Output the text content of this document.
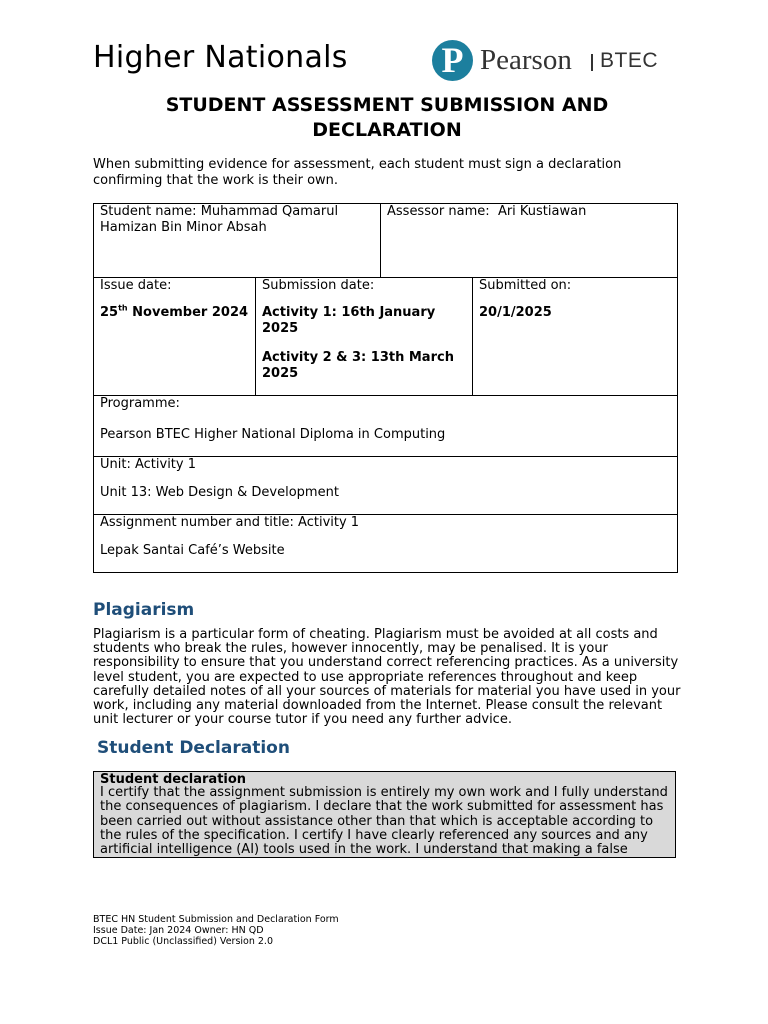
Higher Nationals	P Pearson BTEC
STUDENT ASSESSMENT SUBMISSION AND DECLARATION
When submitting evidence for assessment, each student must sign a declaration confirming that the work is their own.
Student name: Muhammad Qamarul Hamizan Bin Minor Absah
Assessor name: Ari Kustiawan
Issue date:
25th November 2024
Submission date:
Activity 1: 16th January 2025
Activity 2 & 3: 13th March 2025
Submitted on:
20/1/2025
Programme:
Pearson BTEC Higher National Diploma in Computing
Unit: Activity 1
Unit 13: Web Design & Development
Assignment number and title: Activity 1
Lepak Santai Café’s Website
Plagiarism
Plagiarism is a particular form of cheating. Plagiarism must be avoided at all costs and students who break the rules, however innocently, may be penalised. It is your responsibility to ensure that you understand correct referencing practices. As a university level student, you are expected to use appropriate references throughout and keep carefully detailed notes of all your sources of materials for material you have used in your work, including any material downloaded from the Internet. Please consult the relevant unit lecturer or your course tutor if you need any further advice.
Student Declaration
Student declaration
I certify that the assignment submission is entirely my own work and I fully understand the consequences of plagiarism. I declare that the work submitted for assessment has been carried out without assistance other than that which is acceptable according to the rules of the specification. I certify I have clearly referenced any sources and any artificial intelligence (AI) tools used in the work. I understand that making a false
BTEC HN Student Submission and Declaration Form
Issue Date: Jan 2024 Owner: HN QD
DCL1 Public (Unclassified) Version 2.0
